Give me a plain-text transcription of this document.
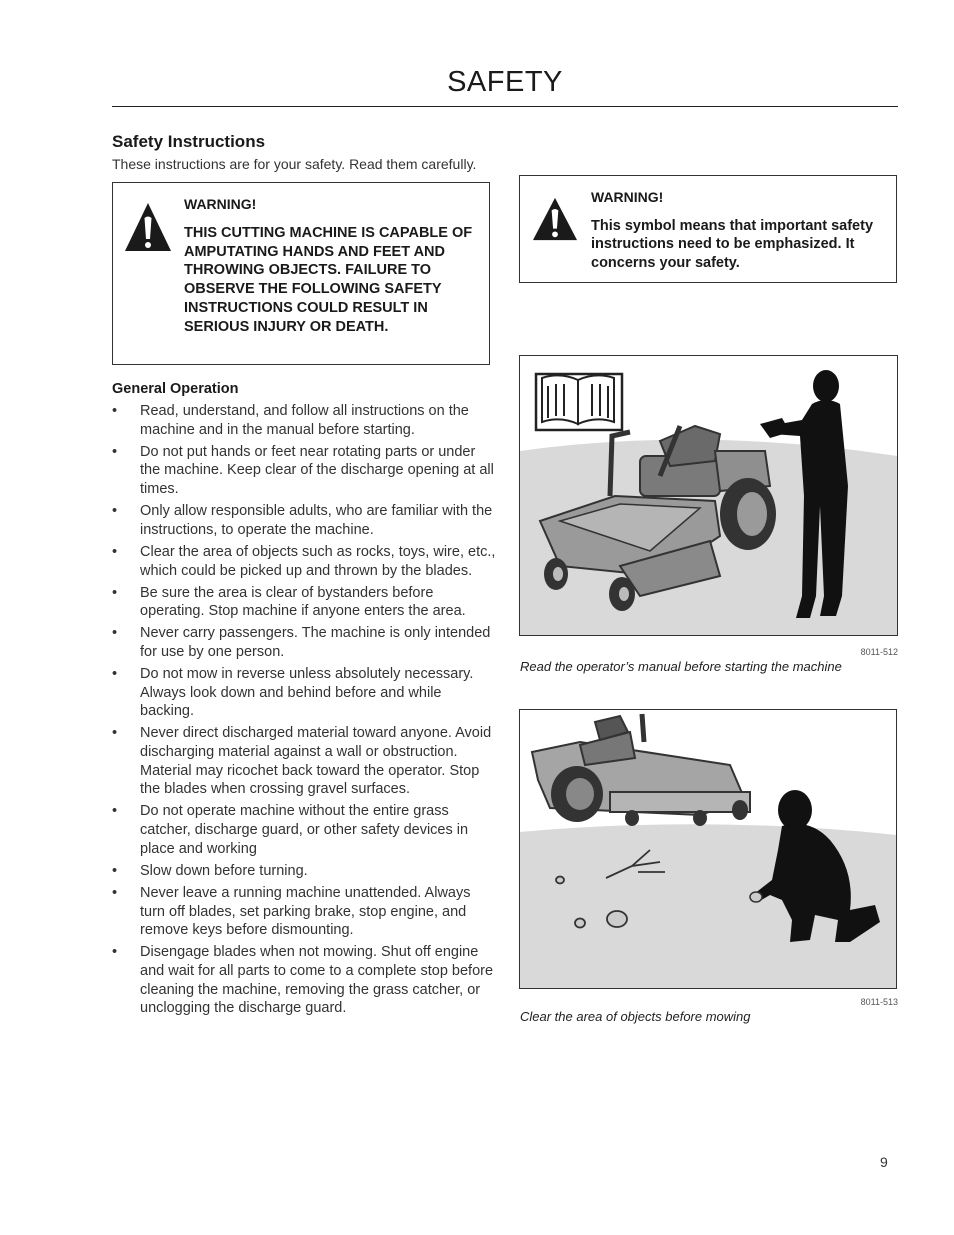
SAFETY
Safety Instructions
These instructions are for your safety. Read them carefully.
WARNING!
THIS CUTTING MACHINE IS CAPABLE OF AMPUTATING HANDS AND FEET AND THROWING OBJECTS. FAILURE TO OBSERVE THE FOLLOWING SAFETY INSTRUCTIONS COULD RESULT IN SERIOUS INJURY OR DEATH.
WARNING!
This symbol means that important safety instructions need to be emphasized. It concerns your safety.
General Operation
• Read, understand, and follow all instructions on the machine and in the manual before starting.
• Do not put hands or feet near rotating parts or under the machine. Keep clear of the discharge opening at all times.
• Only allow responsible adults, who are familiar with the instructions, to operate the machine.
• Clear the area of objects such as rocks, toys, wire, etc., which could be picked up and thrown by the blades.
• Be sure the area is clear of bystanders before operating. Stop machine if anyone enters the area.
• Never carry passengers. The machine is only intended for use by one person.
• Do not mow in reverse unless absolutely necessary. Always look down and behind before and while backing.
• Never direct discharged material toward anyone. Avoid discharging material against a wall or obstruction. Material may ricochet back toward the operator. Stop the blades when crossing gravel surfaces.
• Do not operate machine without the entire grass catcher, discharge guard, or other safety devices in place and working
• Slow down before turning.
• Never leave a running machine unattended. Always turn off blades, set parking brake, stop engine, and remove keys before dismounting.
• Disengage blades when not mowing. Shut off engine and wait for all parts to come to a complete stop before cleaning the machine, removing the grass catcher, or unclogging the discharge guard.
8011-512
Read the operator’s manual before starting the machine
8011-513
Clear the area of objects before mowing
9
